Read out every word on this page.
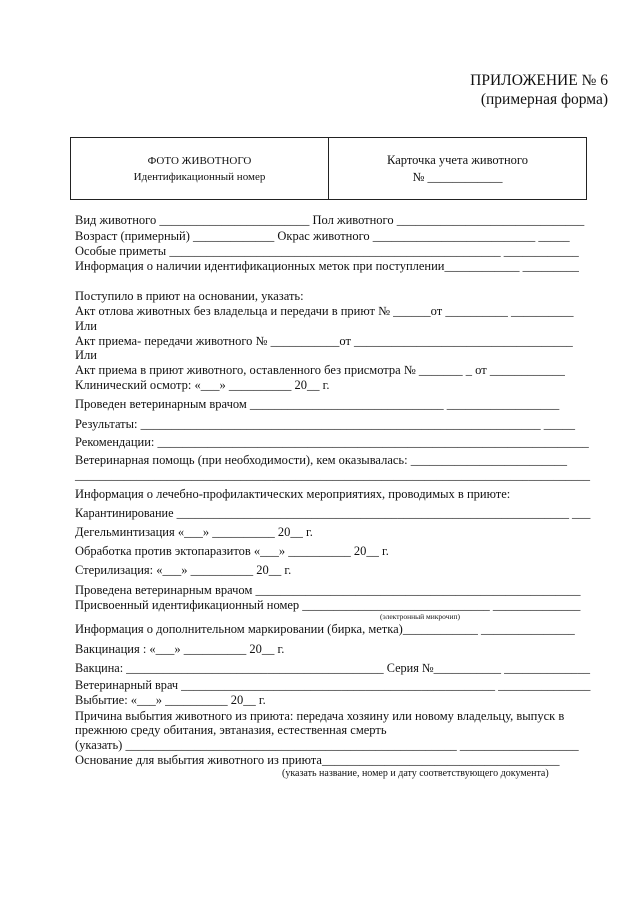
ПРИЛОЖЕНИЕ № 6
(примерная форма)
ФОТО ЖИВОТНОГО
Идентификационный номер
Карточка учета животного
№ ____________
Вид животного ________________________ Пол животного ______________________________
Возраст (примерный) _____________ Окрас животного __________________________ _____
Особые приметы _____________________________________________________ ____________
Информация о наличии идентификационных меток при поступлении____________ _________
Поступило в приют на основании, указать:
Акт отлова животных без владельца и передачи в приют № ______от __________ __________
Или
Акт приема- передачи животного № ___________от ___________________________________
Или
Акт приема в приют животного, оставленного без присмотра № _______ _ от ____________
Клинический осмотр: «___» __________ 20__ г.
Проведен ветеринарным врачом _______________________________ __________________
Результаты: ________________________________________________________________ _____
Рекомендации: _____________________________________________________________________
Ветеринарная помощь (при необходимости), кем оказывалась: _________________________
____________________________________________________________________________________
Информация о лечебно-профилактических мероприятиях, проводимых в приюте:
Карантинирование ________________________________________________________________ ___
Дегельминтизация «___» __________ 20__ г.
Обработка против эктопаразитов «___» __________ 20__ г.
Стерилизация: «___» __________ 20__ г.
Проведена ветеринарным врачом ____________________________________________________
Присвоенный идентификационный номер ______________________________ ______________
(электронный микрочип)
Информация о дополнительном маркировании (бирка, метка)____________ _______________
Вакцинация : «___» __________ 20__ г.
Вакцина: __________________________________________ Серия №___________ ______________
Ветеринарный врач ___________________________________________________ _______________
Выбытие: «___» __________ 20__ г.
Причина выбытия животного из приюта: передача хозяину или новому владельцу, выпуск в
прежнюю среду обитания, эвтаназия, естественная смерть
(указать) _____________________________________________________ ___________________
Основание для выбытия животного из приюта______________________________________
(указать название, номер и дату соответствующего документа)
